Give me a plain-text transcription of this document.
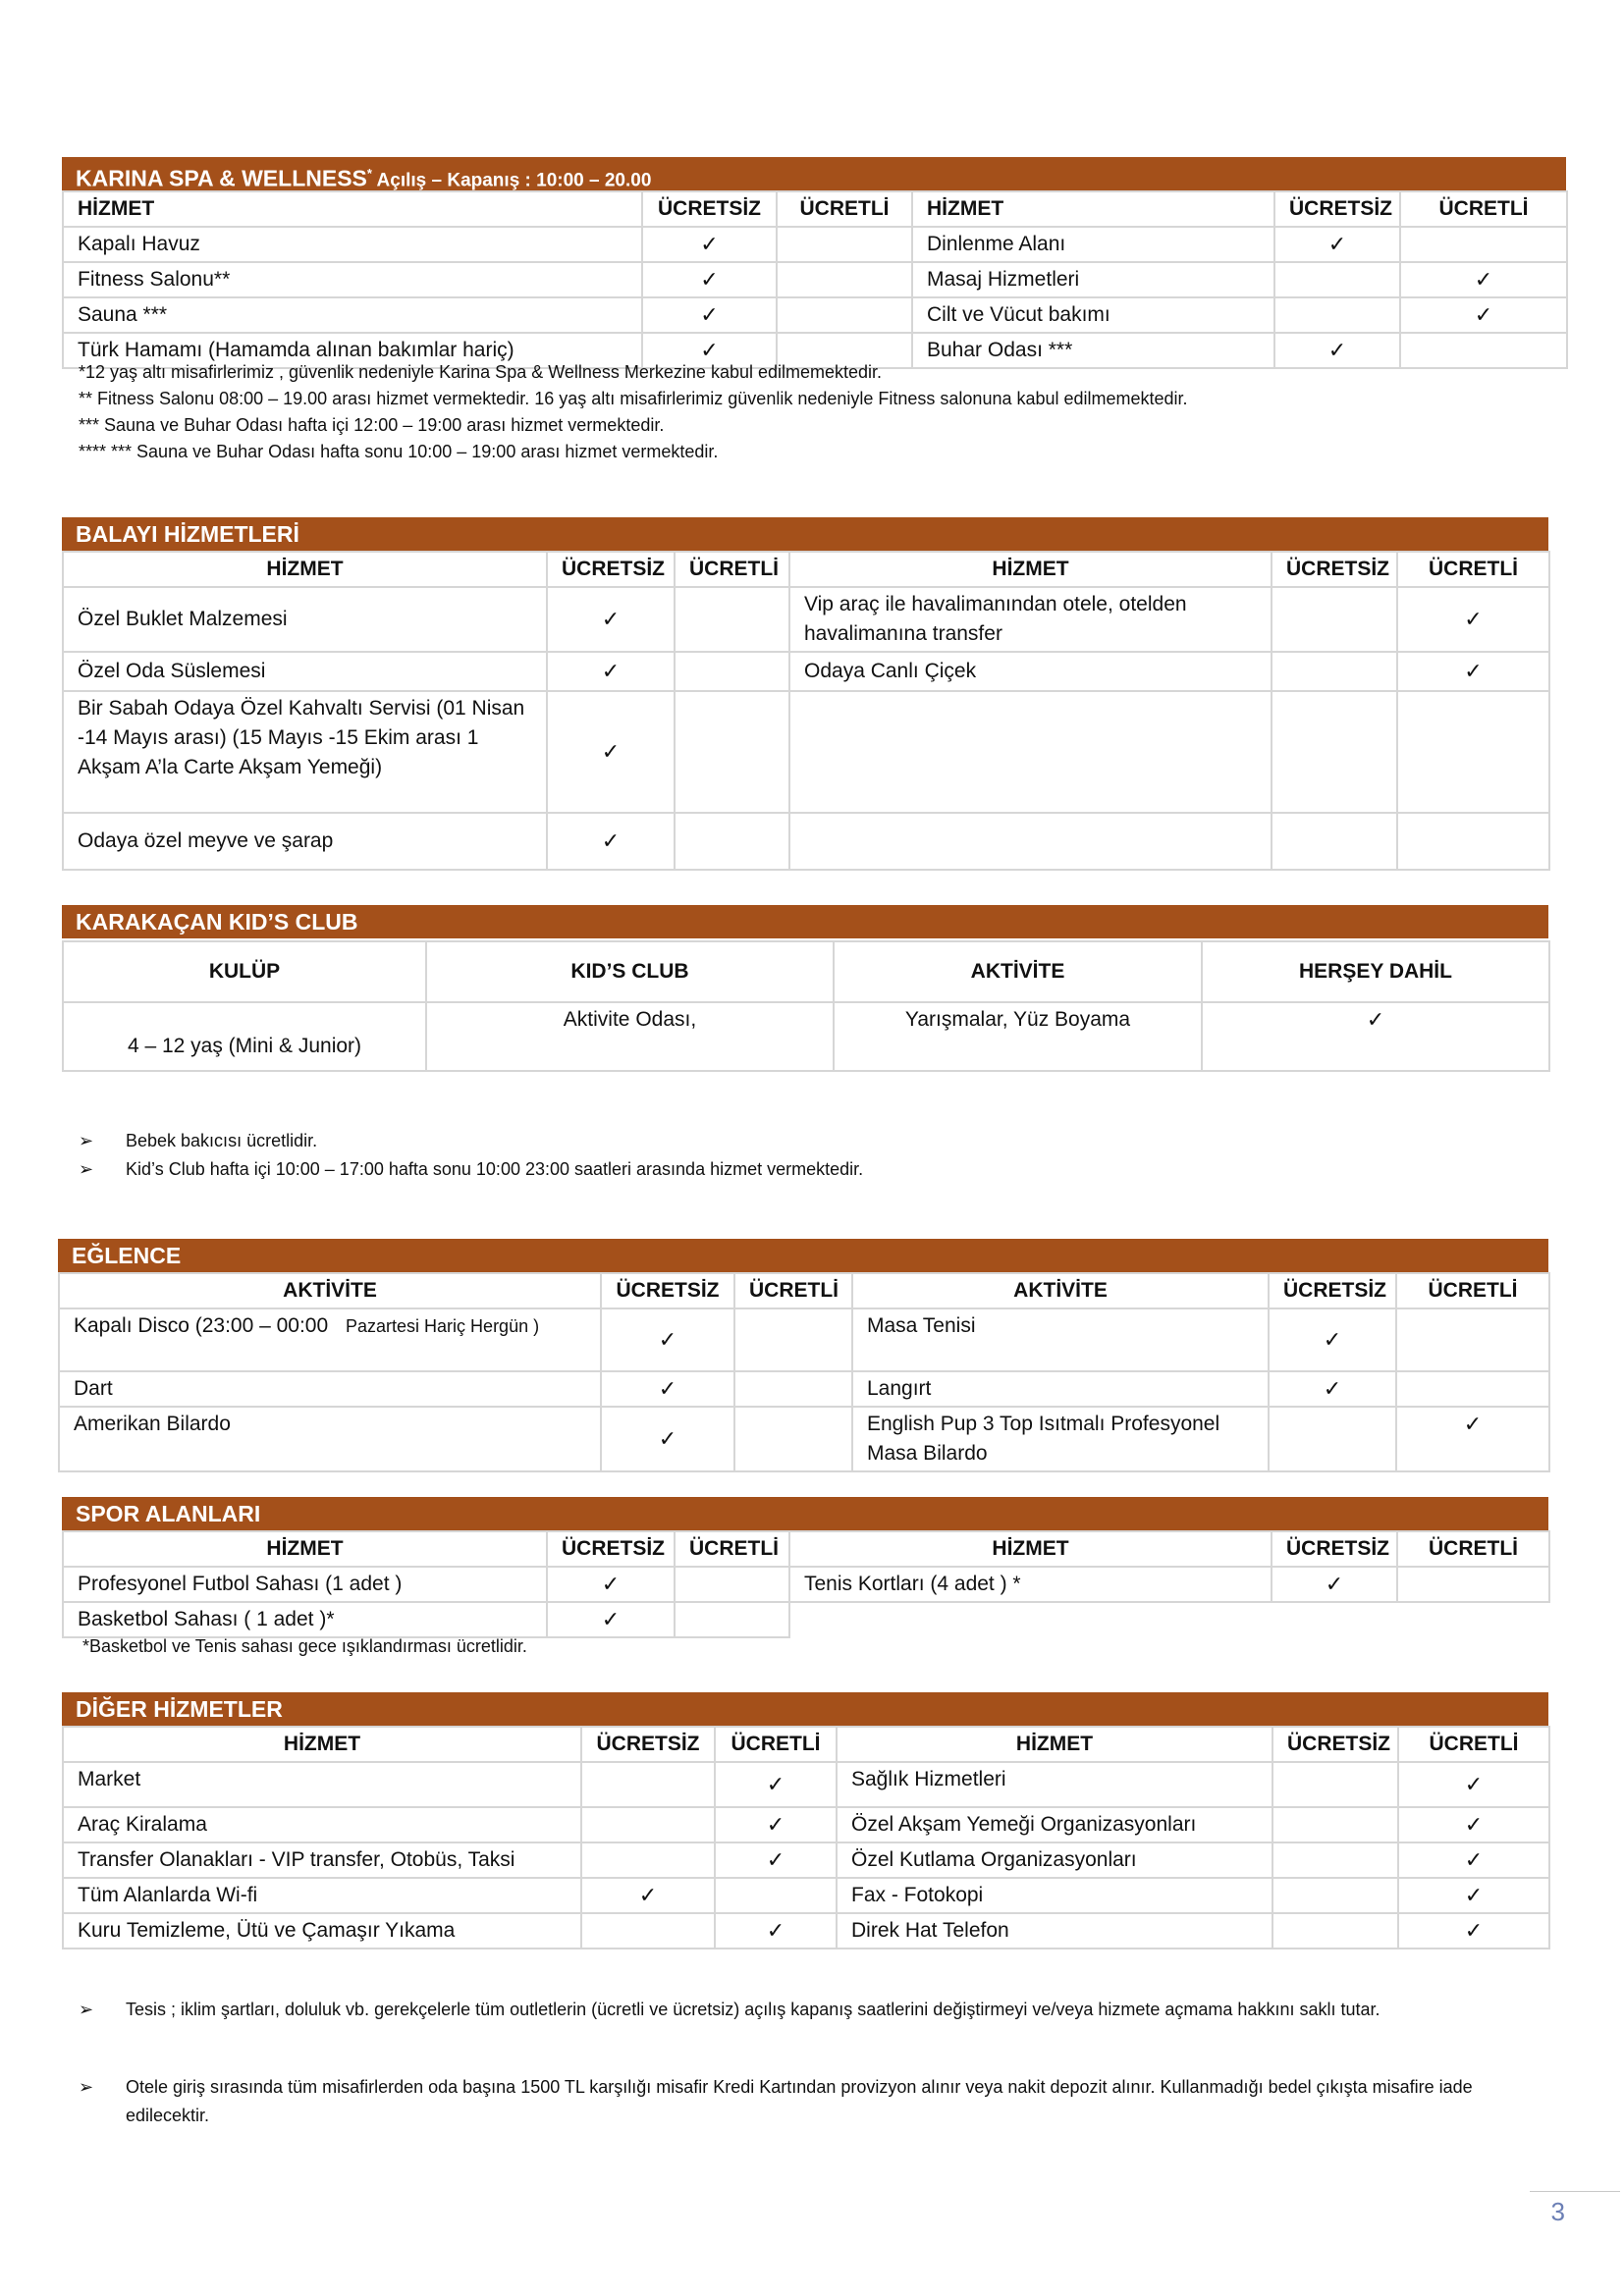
KARINA SPA & WELLNESS* Açılış – Kapanış : 10:00 – 20.00
HİZMET	ÜCRETSİZ	ÜCRETLİ	HİZMET	ÜCRETSİZ	ÜCRETLİ
Kapalı Havuz	✓		Dinlenme Alanı	✓	
Fitness Salonu**	✓		Masaj Hizmetleri		✓
Sauna ***	✓		Cilt ve Vücut bakımı		✓
Türk Hamamı (Hamamda alınan bakımlar hariç)	✓		Buhar Odası ***	✓	
*12 yaş altı misafirlerimiz , güvenlik nedeniyle Karina Spa & Wellness Merkezine kabul edilmemektedir.
** Fitness Salonu 08:00 – 19.00 arası hizmet vermektedir. 16 yaş altı misafirlerimiz güvenlik nedeniyle Fitness salonuna kabul edilmemektedir.
*** Sauna ve Buhar Odası hafta içi 12:00 – 19:00 arası hizmet vermektedir.
**** *** Sauna ve Buhar Odası hafta sonu 10:00 – 19:00 arası hizmet vermektedir.
BALAYI HİZMETLERİ
HİZMET	ÜCRETSİZ	ÜCRETLİ	HİZMET	ÜCRETSİZ	ÜCRETLİ
Özel Buklet Malzemesi	✓		Vip araç ile havalimanından otele, otelden havalimanına transfer		✓
Özel Oda Süslemesi	✓		Odaya Canlı Çiçek		✓
Bir Sabah Odaya Özel Kahvaltı Servisi (01 Nisan -14 Mayıs arası) (15 Mayıs -15 Ekim arası 1 Akşam A’la Carte Akşam Yemeği)	✓				
Odaya özel meyve ve şarap	✓				
KARAKAÇAN KID’S CLUB
KULÜP	KID’S CLUB	AKTİVİTE	HERŞEY DAHİL
4 – 12 yaş (Mini & Junior)	Aktivite Odası,	Yarışmalar, Yüz Boyama	✓
➢ Bebek bakıcısı ücretlidir.
➢ Kid’s Club hafta içi 10:00 – 17:00 hafta sonu 10:00 23:00 saatleri arasında hizmet vermektedir.
EĞLENCE
AKTİVİTE	ÜCRETSİZ	ÜCRETLİ	AKTİVİTE	ÜCRETSİZ	ÜCRETLİ
Kapalı Disco (23:00 – 00:00 Pazartesi Hariç Hergün )	✓		Masa Tenisi	✓	
Dart	✓		Langırt	✓	
Amerikan Bilardo	✓		English Pup 3 Top Isıtmalı Profesyonel Masa Bilardo		✓
SPOR ALANLARI
HİZMET	ÜCRETSİZ	ÜCRETLİ	HİZMET	ÜCRETSİZ	ÜCRETLİ
Profesyonel Futbol Sahası (1 adet )	✓		Tenis Kortları (4 adet ) *	✓	
Basketbol Sahası ( 1 adet )*	✓				
*Basketbol ve Tenis sahası gece ışıklandırması ücretlidir.
DİĞER HİZMETLER
HİZMET	ÜCRETSİZ	ÜCRETLİ	HİZMET	ÜCRETSİZ	ÜCRETLİ
Market		✓	Sağlık Hizmetleri		✓
Araç Kiralama		✓	Özel Akşam Yemeği Organizasyonları		✓
Transfer Olanakları - VIP transfer, Otobüs, Taksi		✓	Özel Kutlama Organizasyonları		✓
Tüm Alanlarda Wi-fi	✓		Fax - Fotokopi		✓
Kuru Temizleme, Ütü ve Çamaşır Yıkama		✓	Direk Hat Telefon		✓
➢ Tesis ; iklim şartları, doluluk vb. gerekçelerle tüm outletlerin (ücretli ve ücretsiz) açılış kapanış saatlerini değiştirmeyi ve/veya hizmete açmama hakkını saklı tutar.
➢ Otele giriş sırasında tüm misafirlerden oda başına 1500 TL karşılığı misafir Kredi Kartından provizyon alınır veya nakit depozit alınır. Kullanmadığı bedel çıkışta misafire iade edilecektir.
3
